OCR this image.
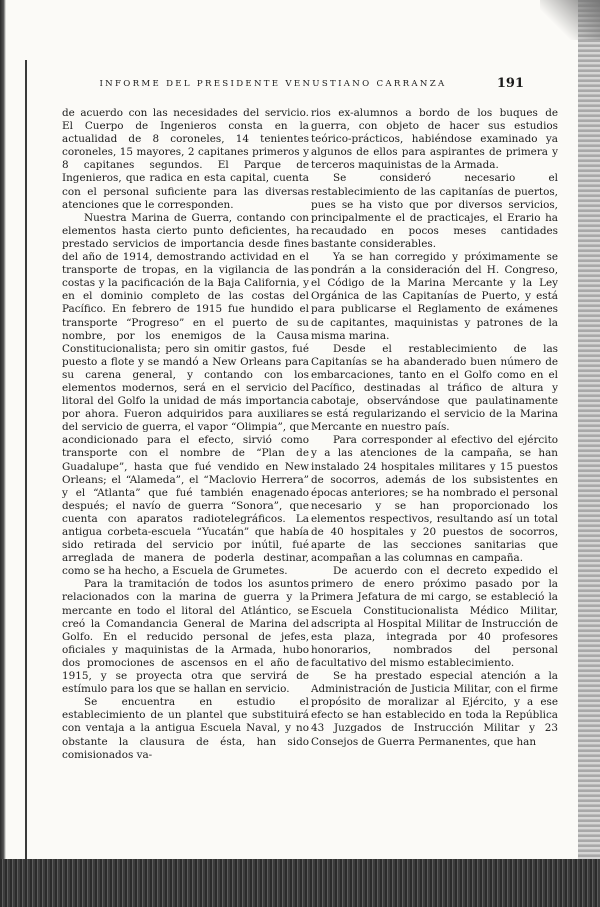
INFORME DEL PRESIDENTE VENUSTIANO CARRANZA	191

de acuerdo con las necesidades del servicio. El Cuerpo de Ingenieros consta en la actualidad de 8 coroneles, 14 tenientes coroneles, 15 mayores, 2 capitanes primeros y 8 capitanes segundos. El Parque de Ingenieros, que radica en esta capital, cuenta con el personal suficiente para las diversas atenciones que le corresponden.

Nuestra Marina de Guerra, contando con elementos hasta cierto punto deficientes, ha prestado servicios de importancia desde fines del año de 1914, demostrando actividad en el transporte de tropas, en la vigilancia de las costas y la pacificación de la Baja California, y en el dominio completo de las costas del Pacífico. En febrero de 1915 fue hundido el transporte “Progreso” en el puerto de su nombre, por los enemigos de la Causa Constitucionalista; pero sin omitir gastos, fué puesto a flote y se mandó a New Orleans para su carena general, y contando con los elementos modernos, será en el servicio del litoral del Golfo la unidad de más importancia por ahora. Fueron adquiridos para auxiliares del servicio de guerra, el vapor “Olimpia”, que acondicionado para el efecto, sirvió como transporte con el nombre de “Plan de Guadalupe”, hasta que fué vendido en New Orleans; el “Alameda”, el “Maclovio Herrera” y el “Atlanta” que fué también enagenado después; el navío de guerra “Sonora”, que cuenta con aparatos radiotelegráficos. La antigua corbeta-escuela “Yucatán” que había sido retirada del servicio por inútil, fué arreglada de manera de poderla destinar, como se ha hecho, a Escuela de Grumetes.

Para la tramitación de todos los asuntos relacionados con la marina de guerra y la mercante en todo el litoral del Atlántico, se creó la Comandancia General de Marina del Golfo. En el reducido personal de jefes, oficiales y maquinistas de la Armada, hubo dos promociones de ascensos en el año de 1915, y se proyecta otra que servirá de estímulo para los que se hallan en servicio.

Se encuentra en estudio el establecimiento de un plantel que substituirá con ventaja a la antigua Escuela Naval, y no obstante la clausura de ésta, han sido comisionados va-

rios ex-alumnos a bordo de los buques de guerra, con objeto de hacer sus estudios teórico-prácticos, habiéndose examinado ya algunos de ellos para aspirantes de primera y terceros maquinistas de la Armada.

Se consideró necesario el restablecimiento de las capitanías de puertos, pues se ha visto que por diversos servicios, principalmente el de practicajes, el Erario ha recaudado en pocos meses cantidades bastante considerables.

Ya se han corregido y próximamente se pondrán a la consideración del H. Congreso, el Código de la Marina Mercante y la Ley Orgánica de las Capitanías de Puerto, y está para publicarse el Reglamento de exámenes de capitantes, maquinistas y patrones de la misma marina.

Desde el restablecimiento de las Capitanías se ha abanderado buen número de embarcaciones, tanto en el Golfo como en el Pacífico, destinadas al tráfico de altura y cabotaje, observándose que paulatinamente se está regularizando el servicio de la Marina Mercante en nuestro país.

Para corresponder al efectivo del ejército y a las atenciones de la campaña, se han instalado 24 hospitales militares y 15 puestos de socorros, además de los subsistentes en épocas anteriores; se ha nombrado el personal necesario y se han proporcionado los elementos respectivos, resultando así un total de 40 hospitales y 20 puestos de socorros, aparte de las secciones sanitarias que acompañan a las columnas en campaña.

De acuerdo con el decreto expedido el primero de enero próximo pasado por la Primera Jefatura de mi cargo, se estableció la Escuela Constitucionalista Médico Militar, adscripta al Hospital Militar de Instrucción de esta plaza, integrada por 40 profesores honorarios, nombrados del personal facultativo del mismo establecimiento.

Se ha prestado especial atención a la Administración de Justicia Militar, con el firme propósito de moralizar al Ejército, y a ese efecto se han establecido en toda la República 43 Juzgados de Instrucción Militar y 23 Consejos de Guerra Permanentes, que han
